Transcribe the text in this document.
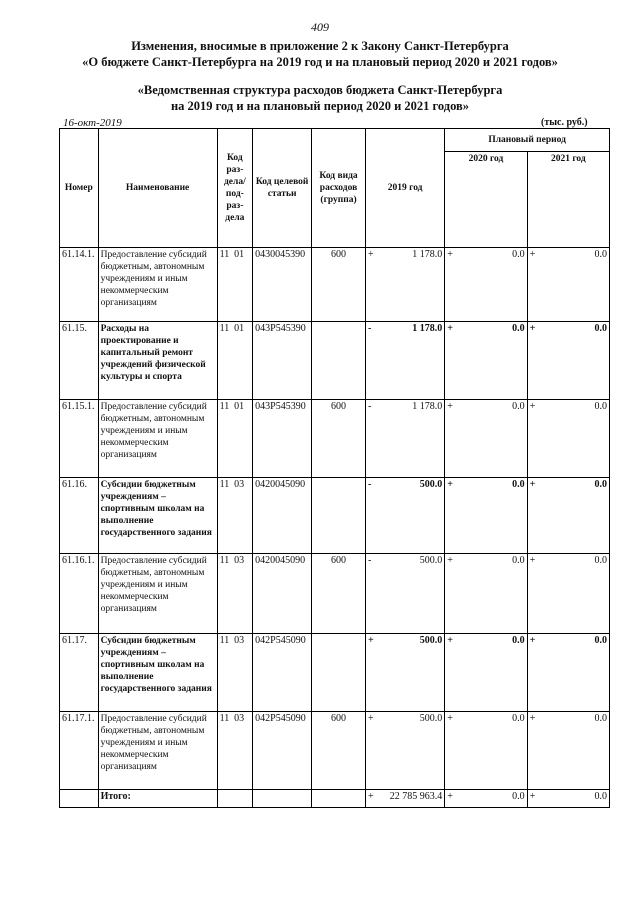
409
Изменения, вносимые в приложение 2 к Закону Санкт-Петербурга
«О бюджете Санкт-Петербурга на 2019 год и на плановый период 2020 и 2021 годов»
«Ведомственная структура расходов бюджета Санкт-Петербурга
на 2019 год и на плановый период 2020 и 2021 годов»
16-окт-2019	(тыс. руб.)
Номер	Наименование	Код раз- дела/ под- раз- дела	Код целевой статьи	Код вида расходов (группа)	2019 год	Плановый период	
						2020 год	2021 год
61.14.1.	Предоставление субсидий бюджетным, автономным учреждениям и иным некоммерческим организациям	11 01	0430045390	600	+ 1 178.0	+ 0.0	+ 0.0

61.15.	Расходы на проектирование и капитальный ремонт учреждений физической культуры и спорта	11 01	043Р545390		- 1 178.0	+ 0.0	+ 0.0

61.15.1.	Предоставление субсидий бюджетным, автономным учреждениям и иным некоммерческим организациям	11 01	043Р545390	600	- 1 178.0	+ 0.0	+ 0.0

61.16.	Субсидии бюджетным учреждениям – спортивным школам на выполнение государственного задания	11 03	0420045090		- 500.0	+ 0.0	+ 0.0

61.16.1.	Предоставление субсидий бюджетным, автономным учреждениям и иным некоммерческим организациям	11 03	0420045090	600	- 500.0	+ 0.0	+ 0.0

61.17.	Субсидии бюджетным учреждениям – спортивным школам на выполнение государственного задания	11 03	042Р545090		+ 500.0	+ 0.0	+ 0.0

61.17.1.	Предоставление субсидий бюджетным, автономным учреждениям и иным некоммерческим организациям	11 03	042Р545090	600	+ 500.0	+ 0.0	+ 0.0

	Итого:				+ 22 785 963.4	+ 0.0	+ 0.0
